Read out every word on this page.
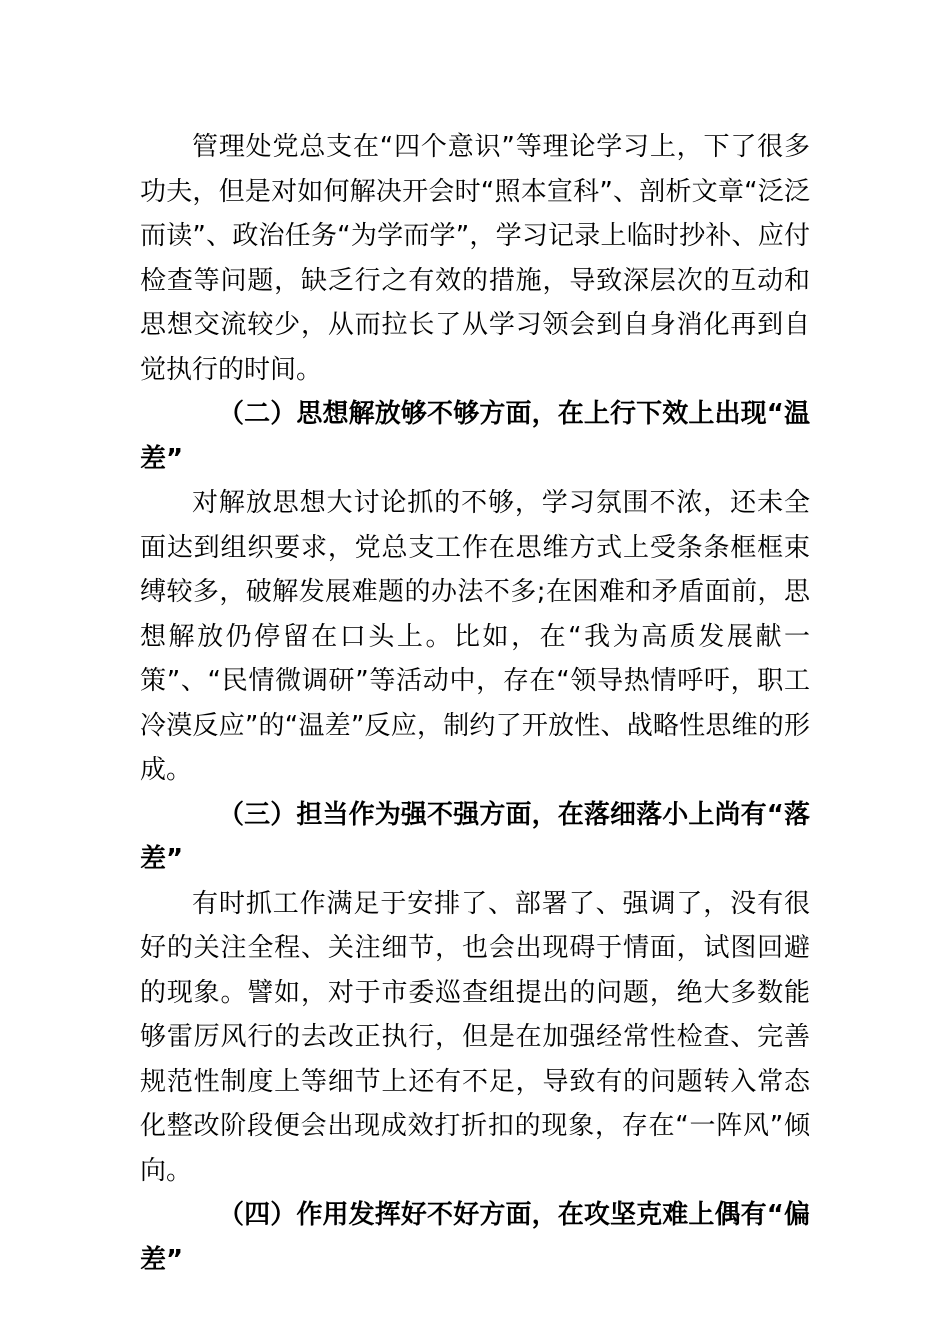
管理处党总支在“四个意识”等理论学习上，下了很多功夫，但是对如何解决开会时“照本宣科”、剖析文章“泛泛而读”、政治任务“为学而学”，学习记录上临时抄补、应付检查等问题，缺乏行之有效的措施，导致深层次的互动和思想交流较少，从而拉长了从学习领会到自身消化再到自觉执行的时间。

（二）思想解放够不够方面，在上行下效上出现“温差”

对解放思想大讨论抓的不够，学习氛围不浓，还未全面达到组织要求，党总支工作在思维方式上受条条框框束缚较多，破解发展难题的办法不多;在困难和矛盾面前，思想解放仍停留在口头上。比如，在“我为高质发展献一策”、“民情微调研”等活动中，存在“领导热情呼吁，职工冷漠反应”的“温差”反应，制约了开放性、战略性思维的形成。

（三）担当作为强不强方面，在落细落小上尚有“落差”

有时抓工作满足于安排了、部署了、强调了，没有很好的关注全程、关注细节，也会出现碍于情面，试图回避的现象。譬如，对于市委巡查组提出的问题，绝大多数能够雷厉风行的去改正执行，但是在加强经常性检查、完善规范性制度上等细节上还有不足，导致有的问题转入常态化整改阶段便会出现成效打折扣的现象，存在“一阵风”倾向。

（四）作用发挥好不好方面，在攻坚克难上偶有“偏差”
